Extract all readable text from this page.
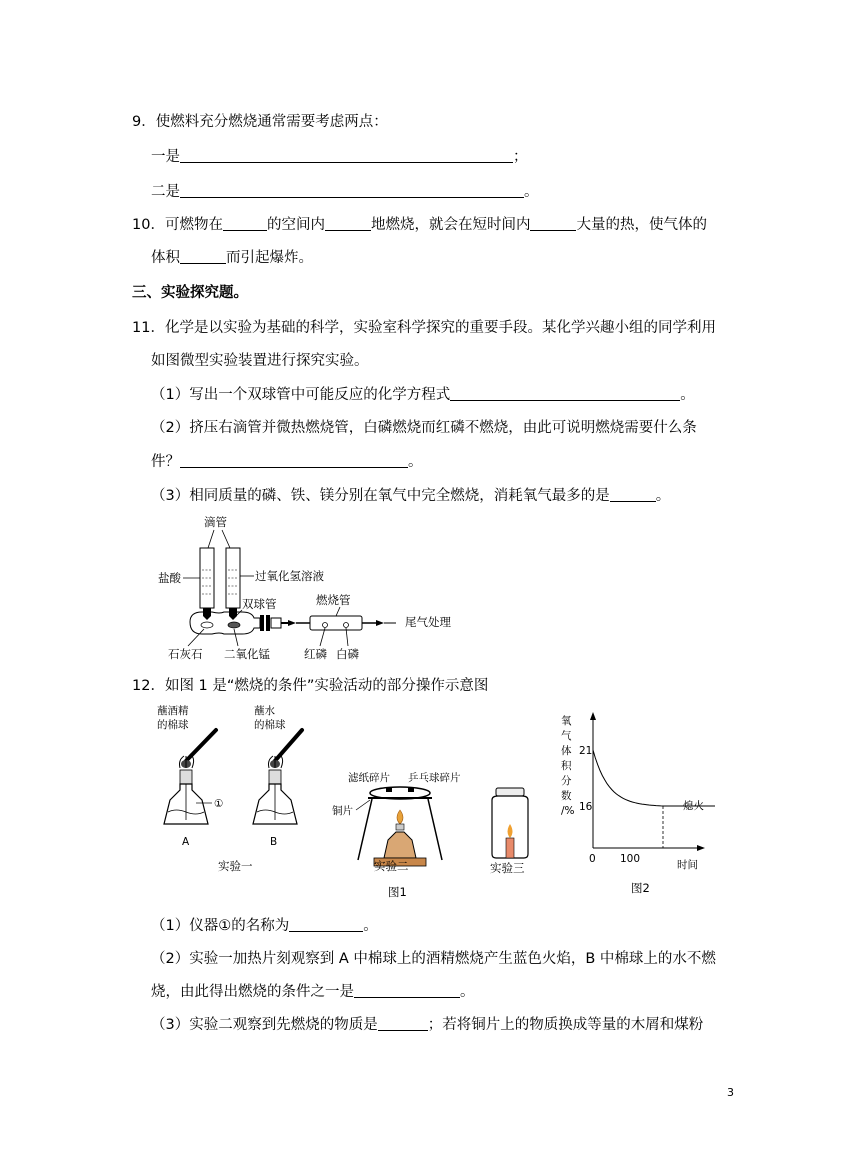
9．使燃料充分燃烧通常需要考虑两点：
一是	；
二是	。
10．可燃物在	的空间内	地燃烧，就会在短时间内	大量的热，使气体的
体积	而引起爆炸。
三、实验探究题。
11．化学是以实验为基础的科学，实验室科学探究的重要手段。某化学兴趣小组的同学利用
如图微型实验装置进行探究实验。
（1）写出一个双球管中可能反应的化学方程式	。
（2）挤压右滴管并微热燃烧管，白磷燃烧而红磷不燃烧，由此可说明燃烧需要什么条
件？	。
（3）相同质量的磷、铁、镁分别在氧气中完全燃烧，消耗氧气最多的是	。
滴管
盐酸	过氧化氢溶液
双球管	燃烧管
尾气处理
石灰石 二氧化锰	红磷 白磷
12．如图 1 是“燃烧的条件”实验活动的部分操作示意图
蘸酒精
的棉球
①
A
蘸水
的棉球
B
实验一
滤纸碎片 乒乓球碎片
铜片
实验二	实验三
图1
氧
气
体
积
分
数
/%
21
16
0 100	时间
熄火
图2
（1）仪器①的名称为	。
（2）实验一加热片刻观察到 A 中棉球上的酒精燃烧产生蓝色火焰，B 中棉球上的水不燃
烧，由此得出燃烧的条件之一是	。
（3）实验二观察到先燃烧的物质是	；若将铜片上的物质换成等量的木屑和煤粉
3
